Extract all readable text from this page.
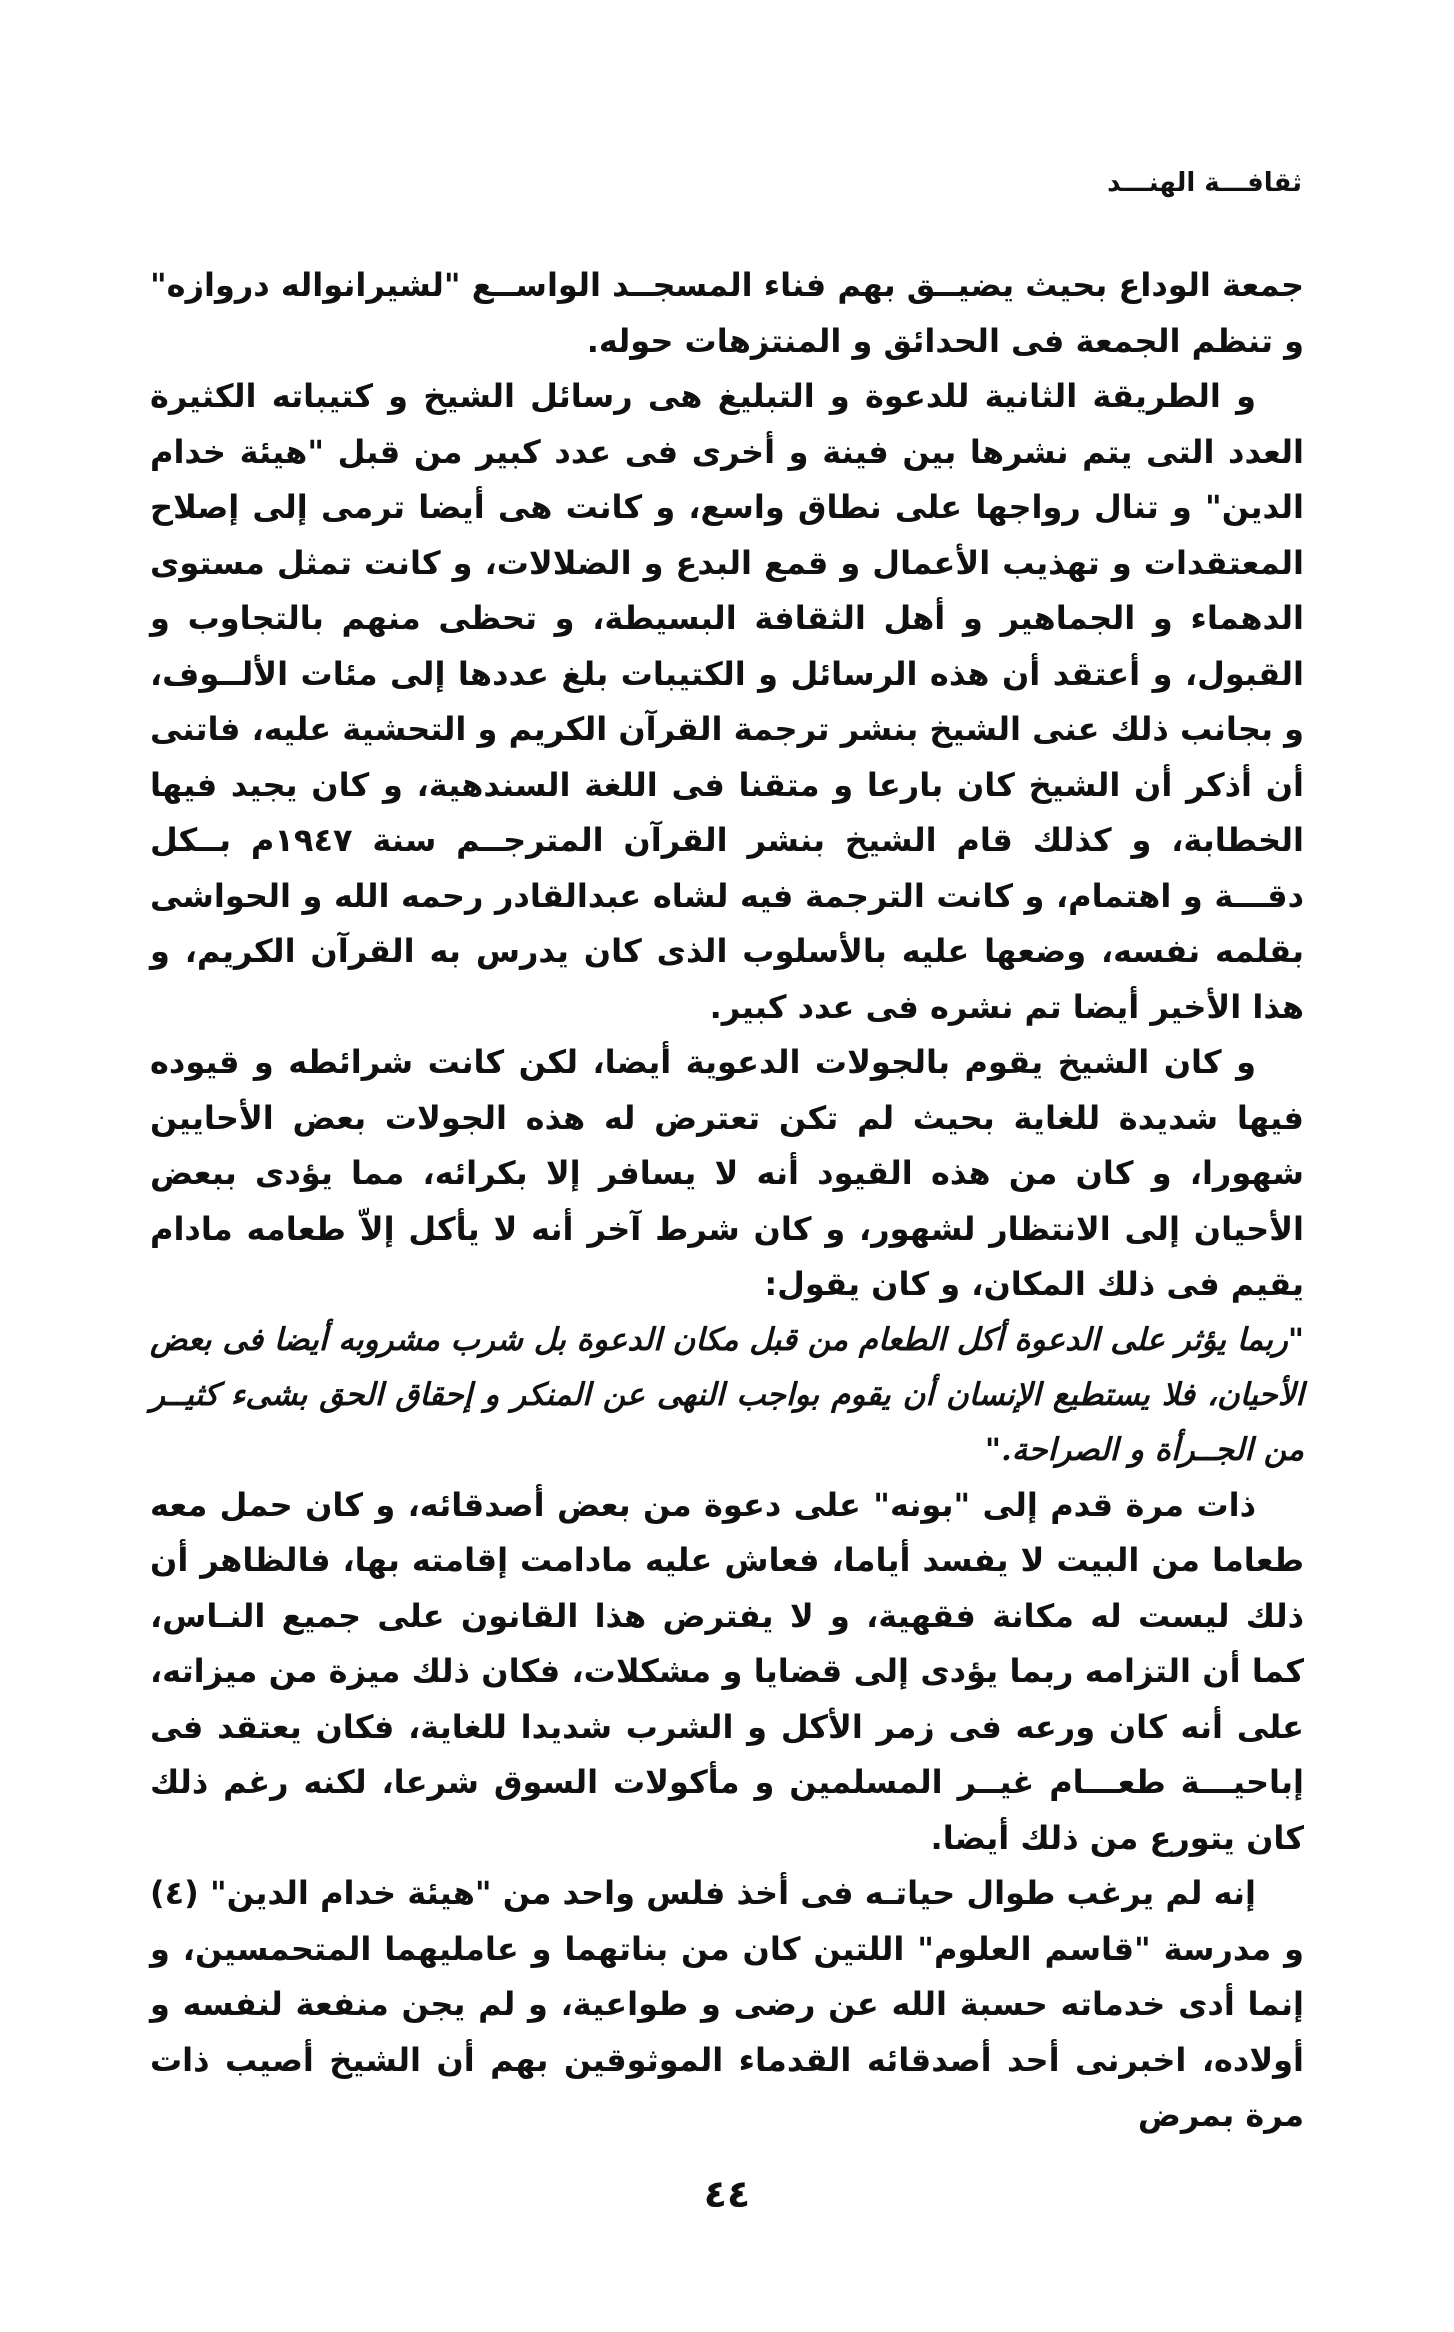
ثقافـــة الهنـــد

جمعة الوداع بحيث يضيــق بهم فناء المسجــد الواســع "لشيرانواله دروازه" و تنظم الجمعة فى الحدائق و المنتزهات حوله.

و الطريقة الثانية للدعوة و التبليغ هى رسائل الشيخ و كتيباته الكثيرة العدد التى يتم نشرها بين فينة و أخرى فى عدد كبير من قبل "هيئة خدام الدين" و تنال رواجها على نطاق واسع، و كانت هى أيضا ترمى إلى إصلاح المعتقدات و تهذيب الأعمال و قمع البدع و الضلالات، و كانت تمثل مستوى الدهماء و الجماهير و أهل الثقافة البسيطة، و تحظى منهم بالتجاوب و القبول، و أعتقد أن هذه الرسائل و الكتيبات بلغ عددها إلى مئات الألــوف، و بجانب ذلك عنى الشيخ بنشر ترجمة القرآن الكريم و التحشية عليه، فاتنى أن أذكر أن الشيخ كان بارعا و متقنا فى اللغة السندهية، و كان يجيد فيها الخطابة، و كذلك قام الشيخ بنشر القرآن المترجــم سنة ١٩٤٧م بــكل دقـــة و اهتمام، و كانت الترجمة فيه لشاه عبدالقادر رحمه الله و الحواشى بقلمه نفسه، وضعها عليه بالأسلوب الذى كان يدرس به القرآن الكريم، و هذا الأخير أيضا تم نشره فى عدد كبير.

و كان الشيخ يقوم بالجولات الدعوية أيضا، لكن كانت شرائطه و قيوده فيها شديدة للغاية بحيث لم تكن تعترض له هذه الجولات بعض الأحايين شهورا، و كان من هذه القيود أنه لا يسافر إلا بكرائه، مما يؤدى ببعض الأحيان إلى الانتظار لشهور، و كان شرط آخر أنه لا يأكل إلاّ طعامه مادام يقيم فى ذلك المكان، و كان يقول:

"ربما يؤثر على الدعوة أكل الطعام من قبل مكان الدعوة بل شرب مشروبه أيضا فى بعض الأحيان، فلا يستطيع الإنسان أن يقوم بواجب النهى عن المنكر و إحقاق الحق بشىء كثيــر من الجــرأة و الصراحة."

ذات مرة قدم إلى "بونه" على دعوة من بعض أصدقائه، و كان حمل معه طعاما من البيت لا يفسد أياما، فعاش عليه مادامت إقامته بها، فالظاهر أن ذلك ليست له مكانة فقهية، و لا يفترض هذا القانون على جميع النـاس، كما أن التزامه ربما يؤدى إلى قضايا و مشكلات، فكان ذلك ميزة من ميزاته، على أنه كان ورعه فى زمر الأكل و الشرب شديدا للغاية، فكان يعتقد فى إباحيـــة طعـــام غيــر المسلمين و مأكولات السوق شرعا، لكنه رغم ذلك كان يتورع من ذلك أيضا.

إنه لم يرغب طوال حياتـه فى أخذ فلس واحد من "هيئة خدام الدين" (٤) و مدرسة "قاسم العلوم" اللتين كان من بناتهما و عامليهما المتحمسين، و إنما أدى خدماته حسبة الله عن رضى و طواعية، و لم يجن منفعة لنفسه و أولاده، اخبرنى أحد أصدقائه القدماء الموثوقين بهم أن الشيخ أصيب ذات مرة بمرض

٤٤
